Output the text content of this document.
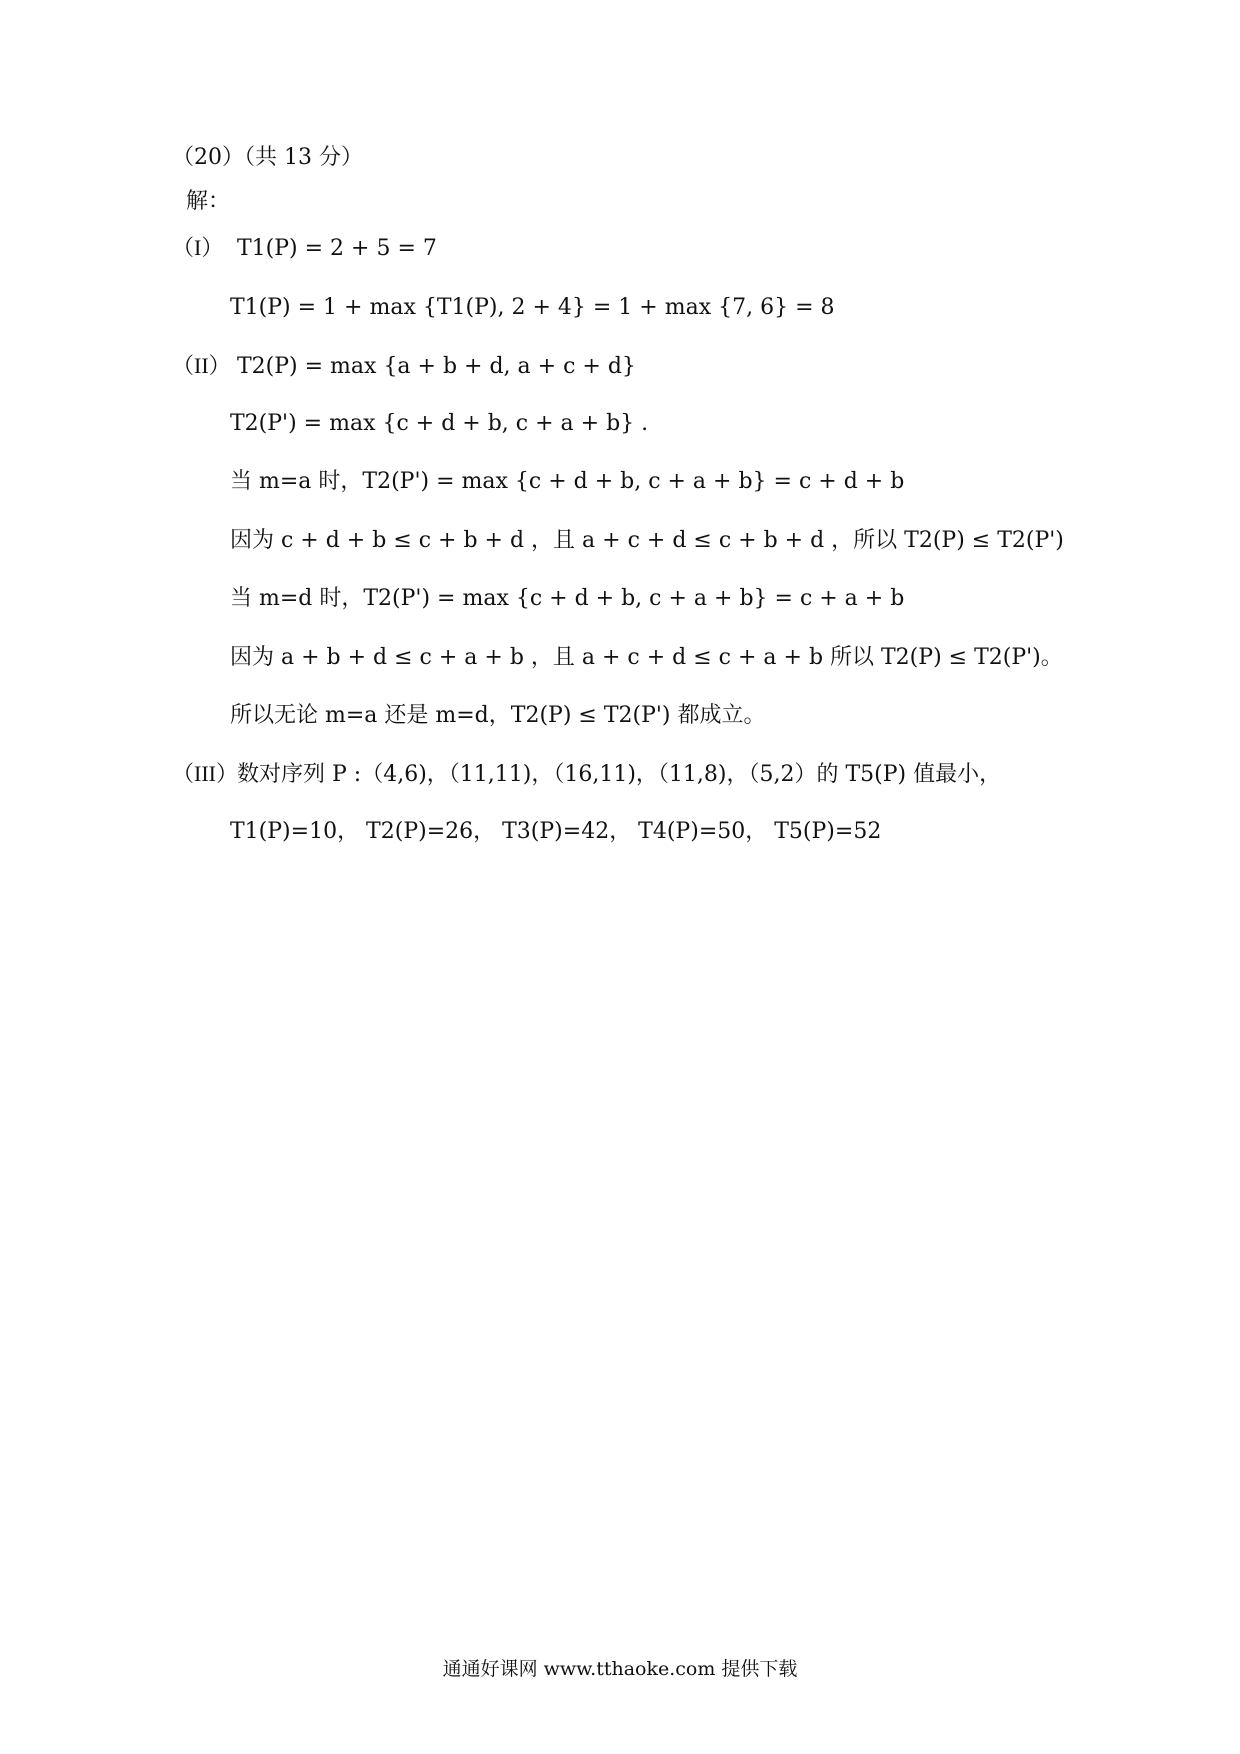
（20）（共 13 分）
解：
（I） T1(P) = 2 + 5 = 7
T1(P) = 1 + max {T1(P), 2 + 4} = 1 + max {7, 6} = 8
（II） T2(P) = max {a + b + d, a + c + d}
T2(P') = max {c + d + b, c + a + b} .
当 m=a 时，T2(P') = max {c + d + b, c + a + b} = c + d + b
因为 c + d + b ≤ c + b + d ，且 a + c + d ≤ c + b + d ，所以 T2(P) ≤ T2(P')
当 m=d 时，T2(P') = max {c + d + b, c + a + b} = c + a + b
因为 a + b + d ≤ c + a + b ，且 a + c + d ≤ c + a + b 所以 T2(P) ≤ T2(P')。
所以无论 m=a 还是 m=d，T2(P) ≤ T2(P') 都成立。
（III） 数对序列 P :（4,6)，（11,11)，（16,11)，（11,8)，（5,2）的 T5(P) 值最小，
T1(P)=10， T2(P)=26， T3(P)=42， T4(P)=50， T5(P)=52
通通好课网 www.tthaoke.com 提供下载
